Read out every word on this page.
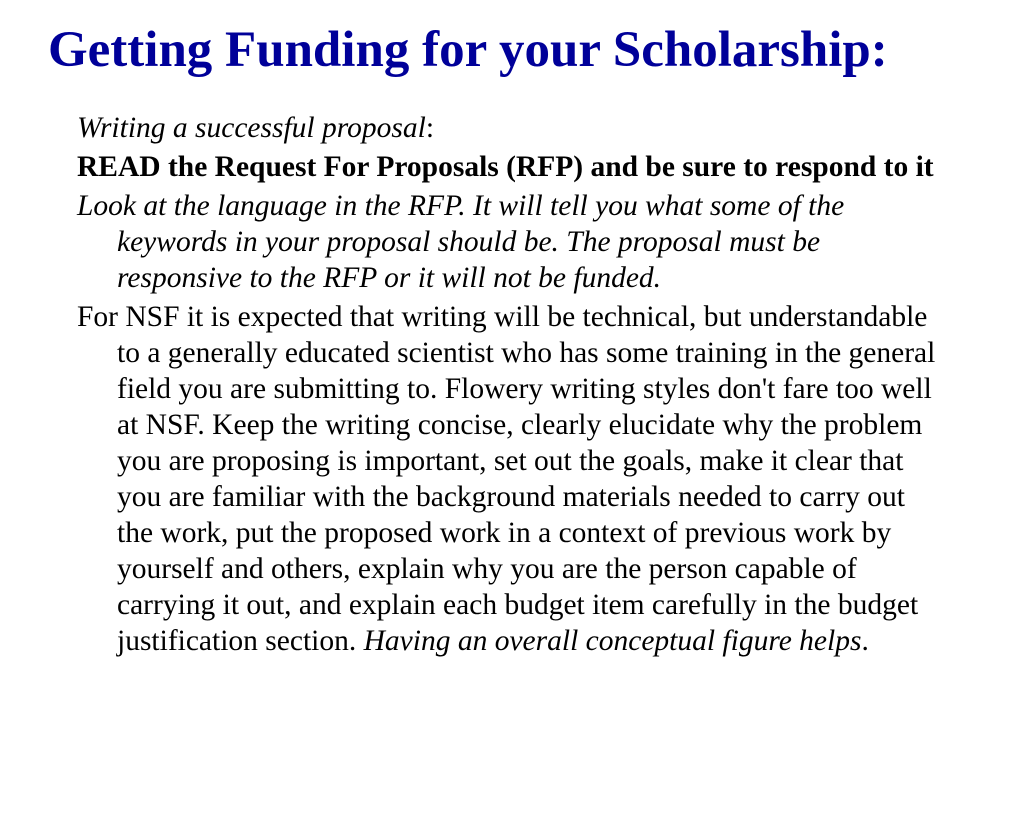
Getting Funding for your Scholarship:

Writing a successful proposal:

READ the Request For Proposals (RFP) and be sure to respond to it

Look at the language in the RFP. It will tell you what some of the keywords in your proposal should be. The proposal must be responsive to the RFP or it will not be funded.

For NSF it is expected that writing will be technical, but understandable to a generally educated scientist who has some training in the general field you are submitting to. Flowery writing styles don't fare too well at NSF. Keep the writing concise, clearly elucidate why the problem you are proposing is important, set out the goals, make it clear that you are familiar with the background materials needed to carry out the work, put the proposed work in a context of previous work by yourself and others, explain why you are the person capable of carrying it out, and explain each budget item carefully in the budget justification section. Having an overall conceptual figure helps.
